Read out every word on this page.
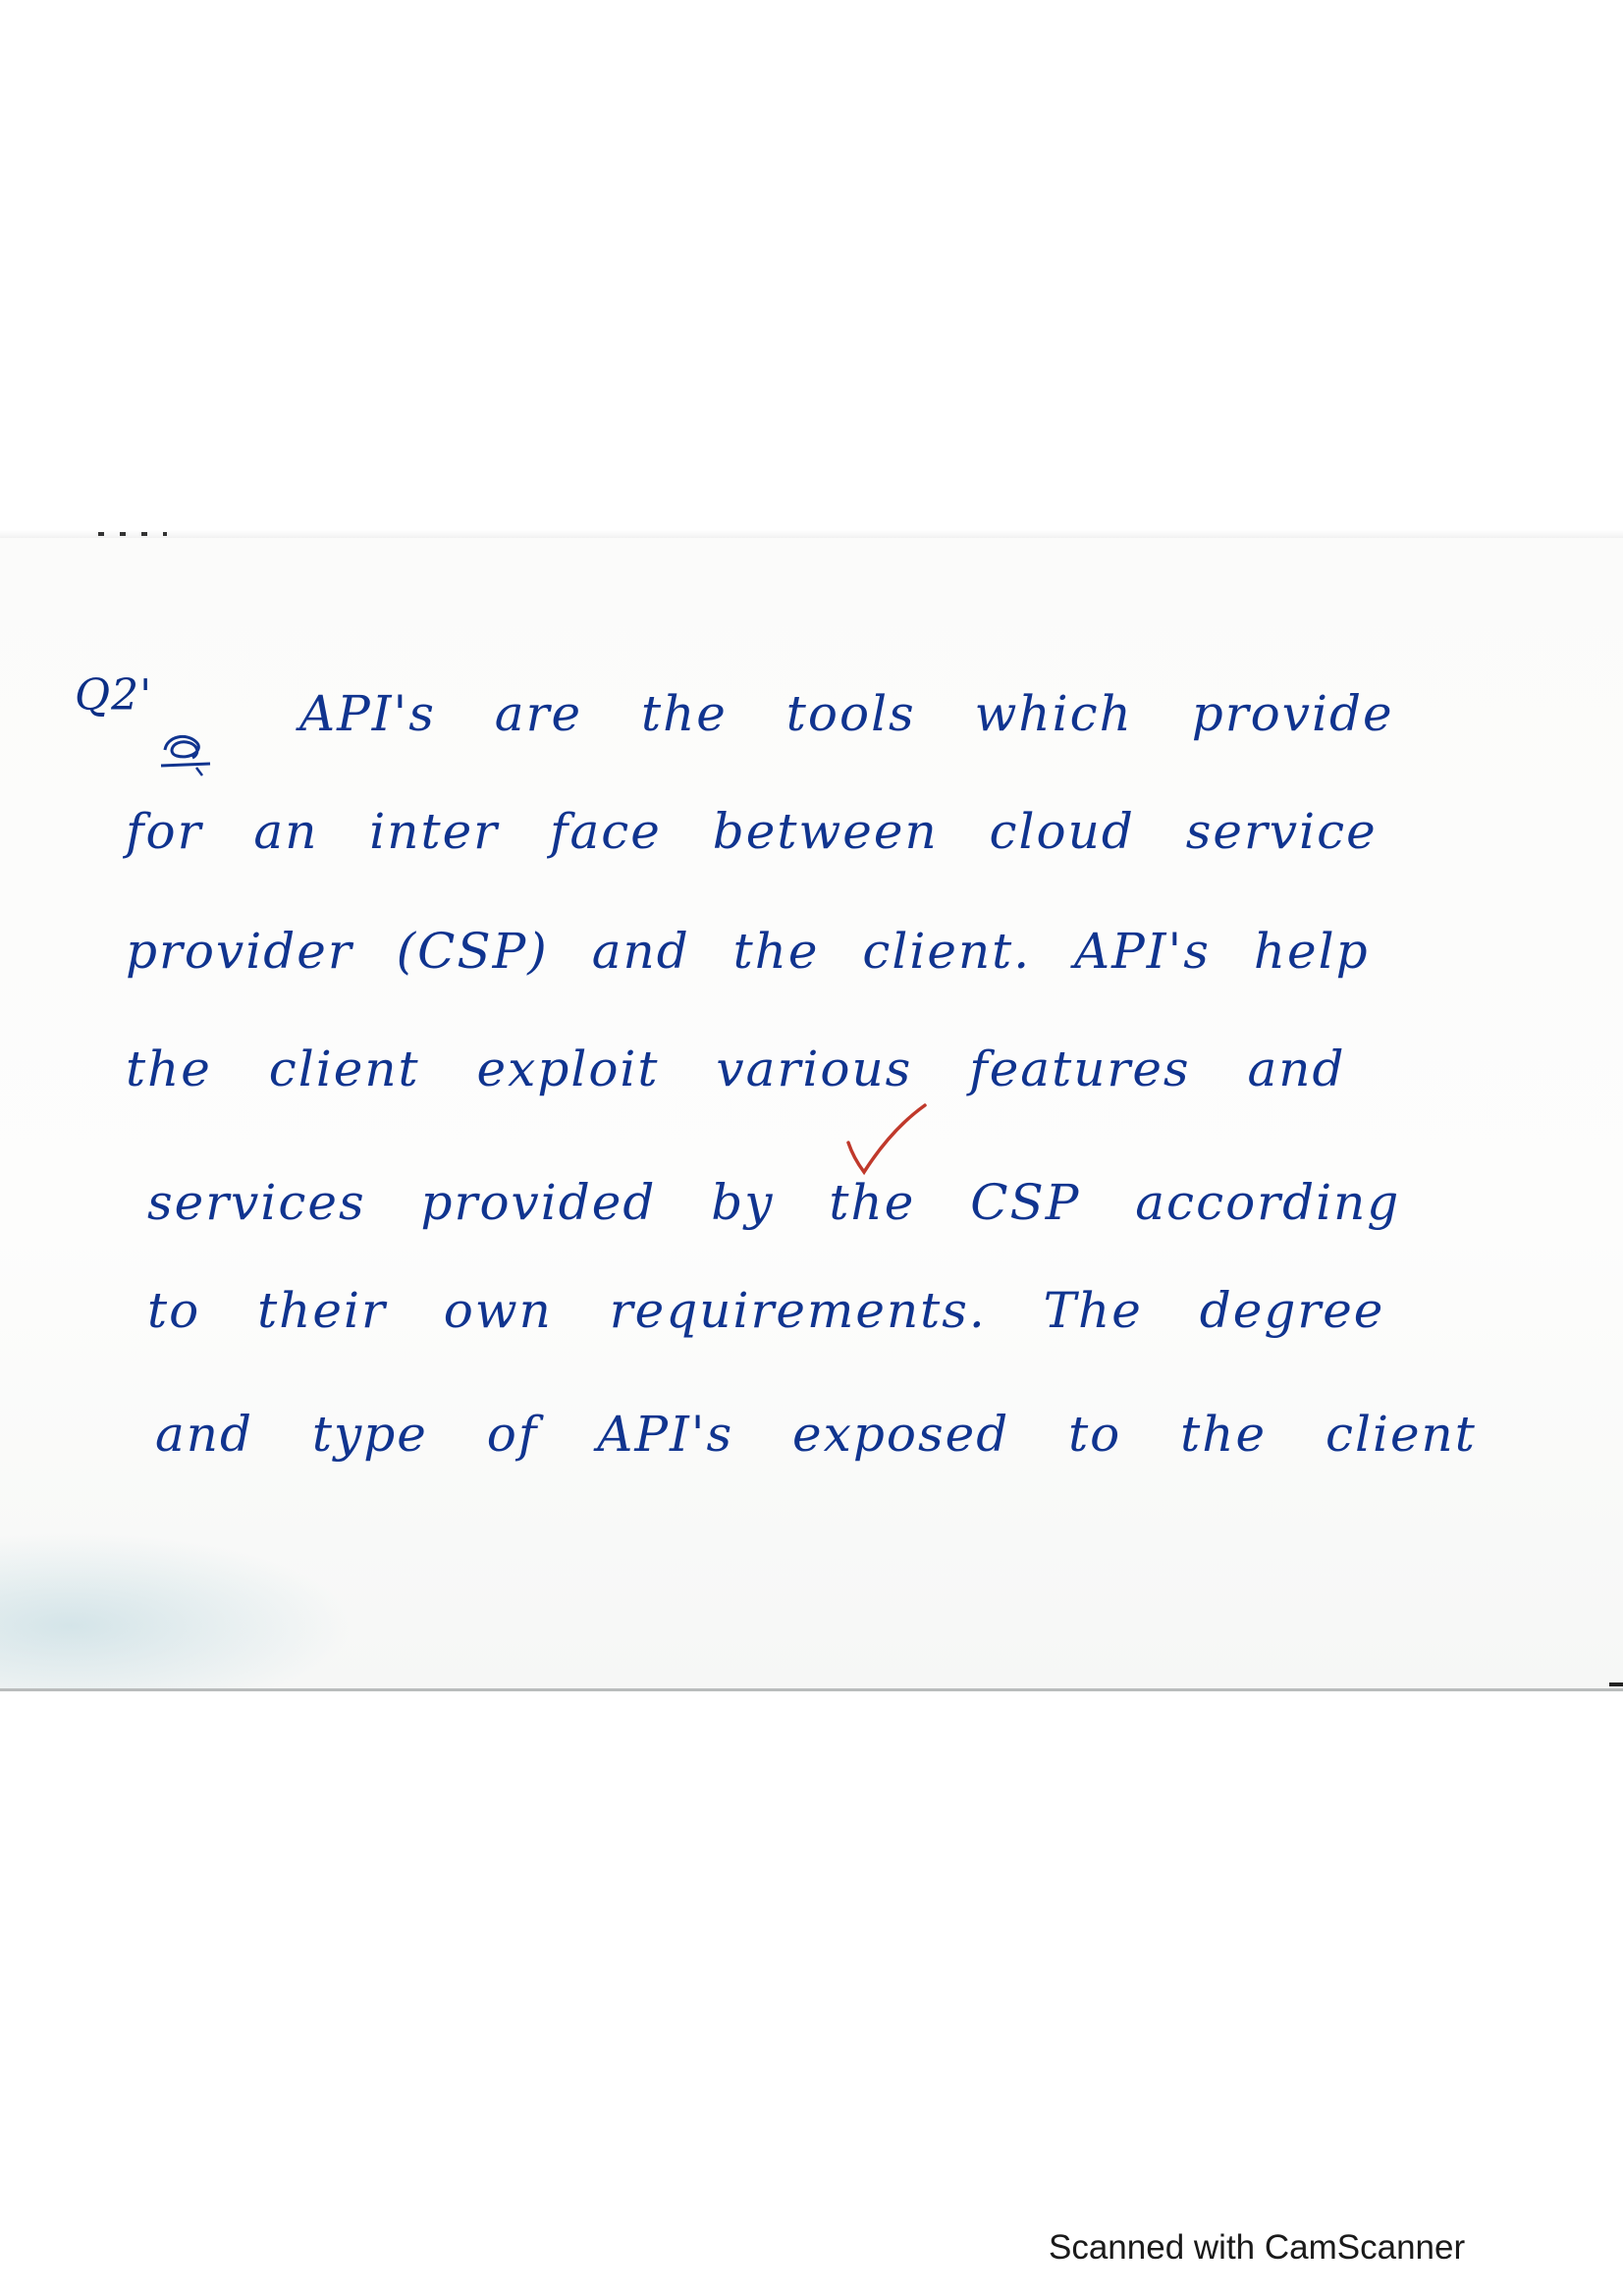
Q2'	API's are the tools which provide

for an inter face between cloud service

provider (CSP) and the client. API's help

the client exploit various features and

services provided by the CSP according

to their own requirements. The degree

and type of API's exposed to the client

Scanned with CamScanner
